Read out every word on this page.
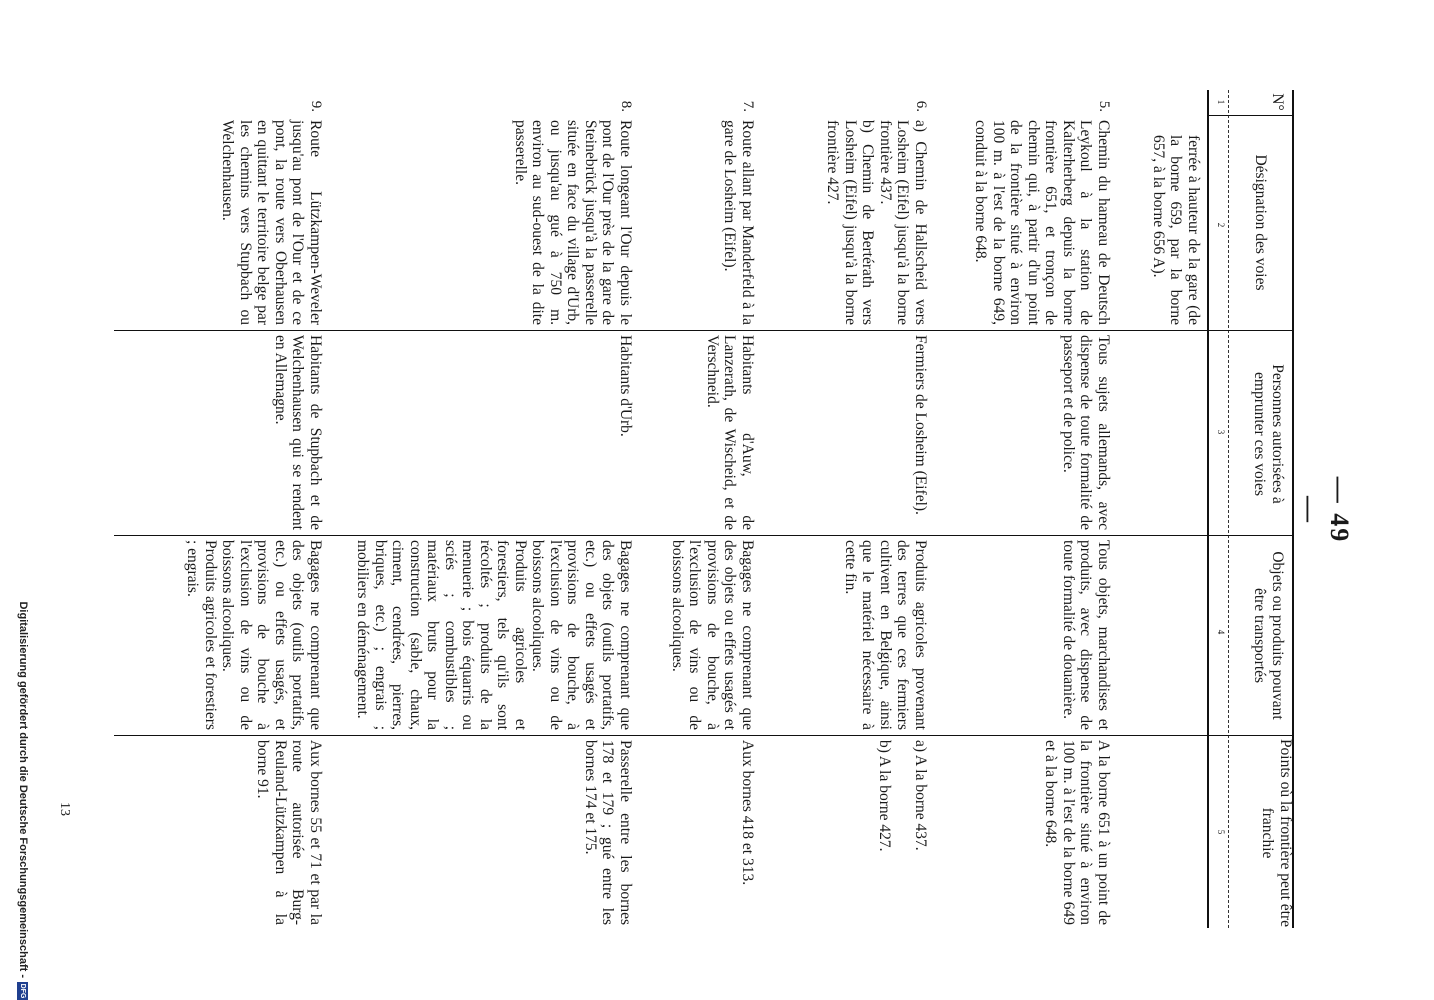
— 49 —
N°
Désignation des voies
Personnes autorisées à emprunter ces voies
Objets ou produits pouvant être transportés
Points où la frontière peut être franchie
1
2
3
4
5

ferrée à hauteur de la gare (de la borne 659, par la borne 657, à la borne 656 A).

5.

Chemin du hameau de Deutsch Leykoul à la station de Kalterherberg depuis la borne frontière 651, et tronçon de chemin qui, à partir d'un point de la frontière situé à environ 100 m. à l'est de la borne 649, conduit à la borne 648.

Tous sujets allemands, avec dispense de toute formalité de passeport et de police.

Tous objets, marchandises et produits, avec dispense de toute formalité de douanière.

A la borne 651 à un point de la frontière situé à environ 100 m. à l'est de la borne 649 et à la borne 648.

6.

a) Chemin de Hallscheid vers Losheim (Eifel) jusqu'à la borne frontière 437.

b) Chemin de Bertérath vers Losheim (Eifel) jusqu'à la borne frontière 427.

Fermiers de Losheim (Eifel).

Produits agricoles provenant des terres que ces fermiers cultivent en Belgique, ainsi que le matériel nécessaire à cette fin.

a) A la borne 437.

b) A la borne 427.

7.

Route allant par Manderfeld à la gare de Losheim (Eifel).

Habitants d'Auw, de Lanzerath, de Wischeid, et de Verschneid.

Bagages ne comprenant que des objets ou effets usagés et provisions de bouche, à l'exclusion de vins ou de boissons alcooliques.

Aux bornes 418 et 313.

8.

Route longeant l'Our depuis le pont de l'Our près de la gare de Steinebrück jusqu'à la passerelle située en face du village d'Urb, ou jusqu'au gué à 750 m. environ au sud-ouest de la dite passerelle.

Habitants d'Urb.

Bagages ne comprenant que des objets (outils portatifs, etc.) ou effets usagés et provisions de bouche, à l'exclusion de vins ou de boissons alcooliques.

Produits agricoles et forestiers, tels qu'ils sont récoltés ; produits de la menuerie ; bois équarris ou sciés ; combustibles ; matériaux bruts pour la construction (sable, chaux, ciment, cendrées, pierres, briques, etc.) ; engrais ; mobiliers en déménagement.

Passerelle entre les bornes 178 et 179 ; gué entre les bornes 174 et 175.

9.

Route Lützkampen-Weveler jusqu'au pont de l'Our et de ce pont, la route vers Oberhausen en quittant le territoire belge par les chemins vers Stupbach ou Welchenhausen.

Habitants de Stupbach et de Welchenhausen qui se rendent en Allemagne.

Bagages ne comprenant que des objets (outils portatifs, etc.) ou effets usagés, et provisions de bouche à l'exclusion de vins ou de boissons alcooliques.

Produits agricoles et forestiers ; engrais.

Aux bornes 55 et 71 et par la route autorisée Burg-Reuland-Lützkampen à la borne 91.

13
Digitalisierung gefördert durch die Deutsche Forschungsgemeinschaft -
DFG
